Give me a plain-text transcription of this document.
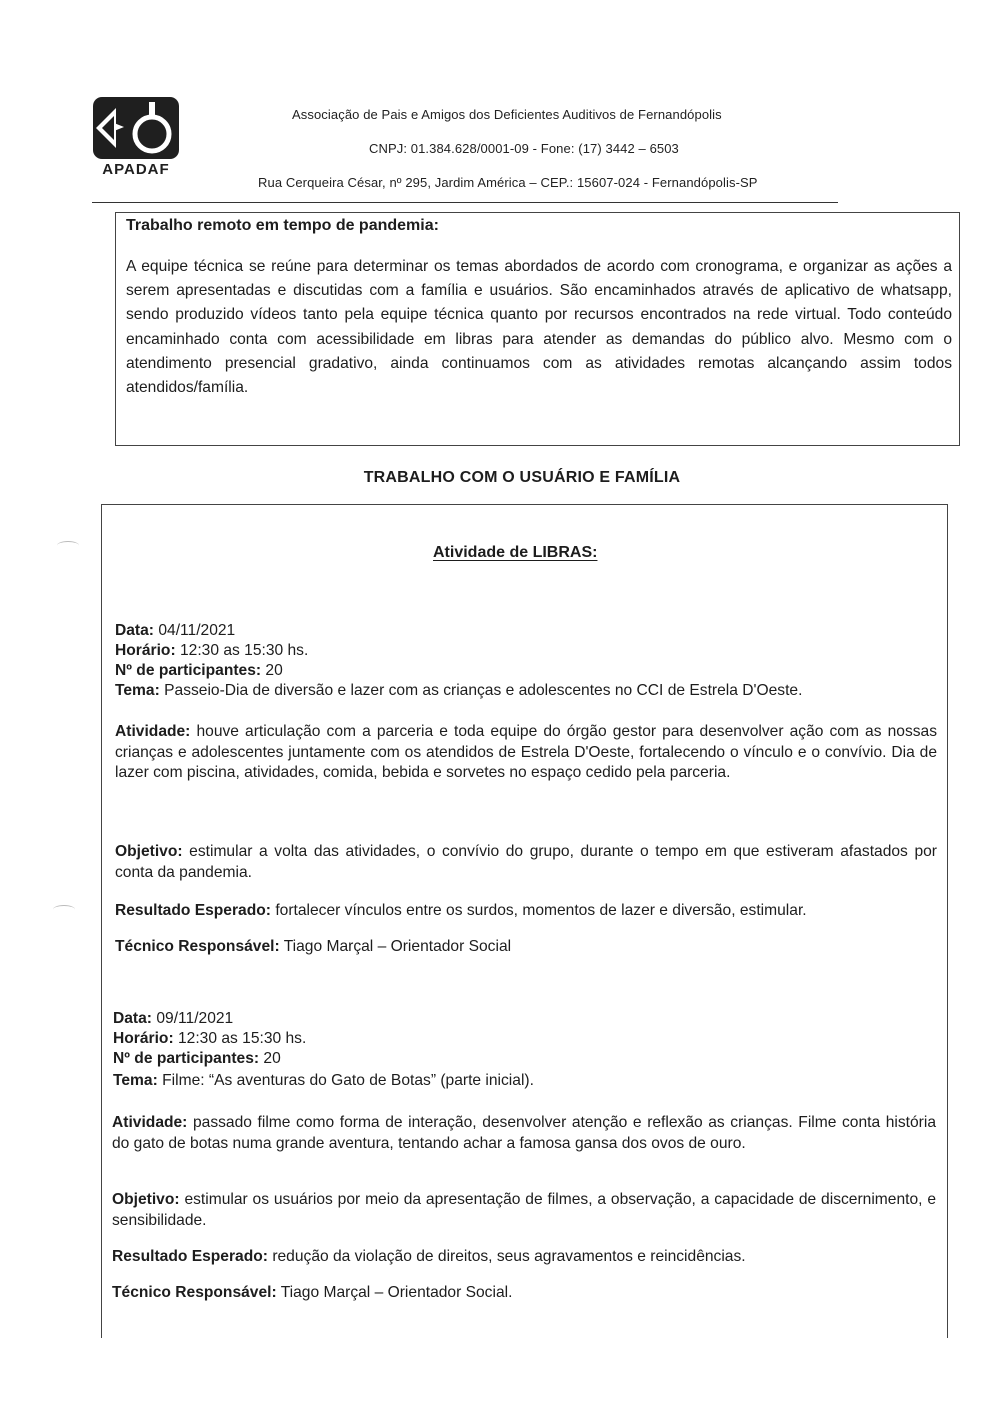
APADAF
Associação de Pais e Amigos dos Deficientes Auditivos de Fernandópolis
CNPJ: 01.384.628/0001-09 - Fone: (17) 3442 – 6503
Rua Cerqueira César, nº 295, Jardim América – CEP.: 15607-024 - Fernandópolis-SP
Trabalho remoto em tempo de pandemia:
A equipe técnica se reúne para determinar os temas abordados de acordo com cronograma, e organizar as ações a serem apresentadas e discutidas com a família e usuários. São encaminhados através de aplicativo de whatsapp, sendo produzido vídeos tanto pela equipe técnica quanto por recursos encontrados na rede virtual. Todo conteúdo encaminhado conta com acessibilidade em libras para atender as demandas do público alvo. Mesmo com o atendimento presencial gradativo, ainda continuamos com as atividades remotas alcançando assim todos atendidos/família.
TRABALHO COM O USUÁRIO E FAMÍLIA
Atividade de LIBRAS:
Data: 04/11/2021
Horário: 12:30 as 15:30 hs.
Nº de participantes: 20
Tema: Passeio-Dia de diversão e lazer com as crianças e adolescentes no CCI de Estrela D'Oeste.
Atividade: houve articulação com a parceria e toda equipe do órgão gestor para desenvolver ação com as nossas crianças e adolescentes juntamente com os atendidos de Estrela D'Oeste, fortalecendo o vínculo e o convívio. Dia de lazer com piscina, atividades, comida, bebida e sorvetes no espaço cedido pela parceria.
Objetivo: estimular a volta das atividades, o convívio do grupo, durante o tempo em que estiveram afastados por conta da pandemia.
Resultado Esperado: fortalecer vínculos entre os surdos, momentos de lazer e diversão, estimular.
Técnico Responsável: Tiago Marçal – Orientador Social
Data: 09/11/2021
Horário: 12:30 as 15:30 hs.
Nº de participantes: 20
Tema: Filme: “As aventuras do Gato de Botas” (parte inicial).
Atividade: passado filme como forma de interação, desenvolver atenção e reflexão as crianças. Filme conta história do gato de botas numa grande aventura, tentando achar a famosa gansa dos ovos de ouro.
Objetivo: estimular os usuários por meio da apresentação de filmes, a observação, a capacidade de discernimento, e sensibilidade.
Resultado Esperado: redução da violação de direitos, seus agravamentos e reincidências.
Técnico Responsável: Tiago Marçal – Orientador Social.
